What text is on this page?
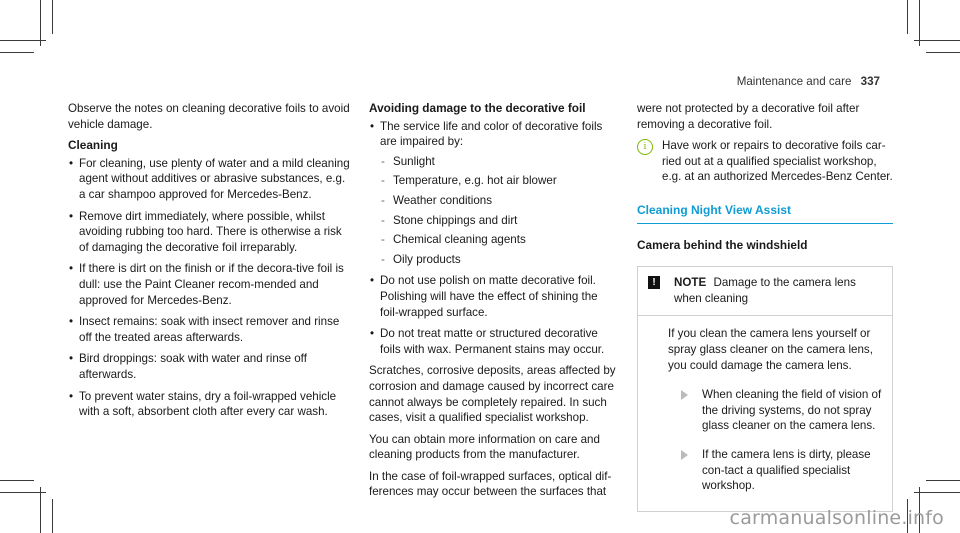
Maintenance and care 337

Observe the notes on cleaning decorative foils to avoid vehicle damage.

Cleaning
• For cleaning, use plenty of water and a mild cleaning agent without additives or abrasive substances, e.g. a car shampoo approved for Mercedes-Benz.
• Remove dirt immediately, where possible, whilst avoiding rubbing too hard. There is otherwise a risk of damaging the decorative foil irreparably.
• If there is dirt on the finish or if the decora-tive foil is dull: use the Paint Cleaner recom-mended and approved for Mercedes-Benz.
• Insect remains: soak with insect remover and rinse off the treated areas afterwards.
• Bird droppings: soak with water and rinse off afterwards.
• To prevent water stains, dry a foil-wrapped vehicle with a soft, absorbent cloth after every car wash.
Avoiding damage to the decorative foil
• The service life and color of decorative foils are impaired by:
- Sunlight
- Temperature, e.g. hot air blower
- Weather conditions
- Stone chippings and dirt
- Chemical cleaning agents
- Oily products
• Do not use polish on matte decorative foil. Polishing will have the effect of shining the foil-wrapped surface.
• Do not treat matte or structured decorative foils with wax. Permanent stains may occur.

Scratches, corrosive deposits, areas affected by corrosion and damage caused by incorrect care cannot always be completely repaired. In such cases, visit a qualified specialist workshop.

You can obtain more information on care and cleaning products from the manufacturer.

In the case of foil-wrapped surfaces, optical dif-ferences may occur between the surfaces that

were not protected by a decorative foil after removing a decorative foil.

i	Have work or repairs to decorative foils car-ried out at a qualified specialist workshop, e.g. at an authorized Mercedes-Benz Center.
Cleaning Night View Assist
Camera behind the windshield
!	NOTE Damage to the camera lens when cleaning

If you clean the camera lens yourself or spray glass cleaner on the camera lens, you could damage the camera lens.

When cleaning the field of vision of the driving systems, do not spray glass cleaner on the camera lens.
If the camera lens is dirty, please con-tact a qualified specialist workshop.
carmanualsonline.info
